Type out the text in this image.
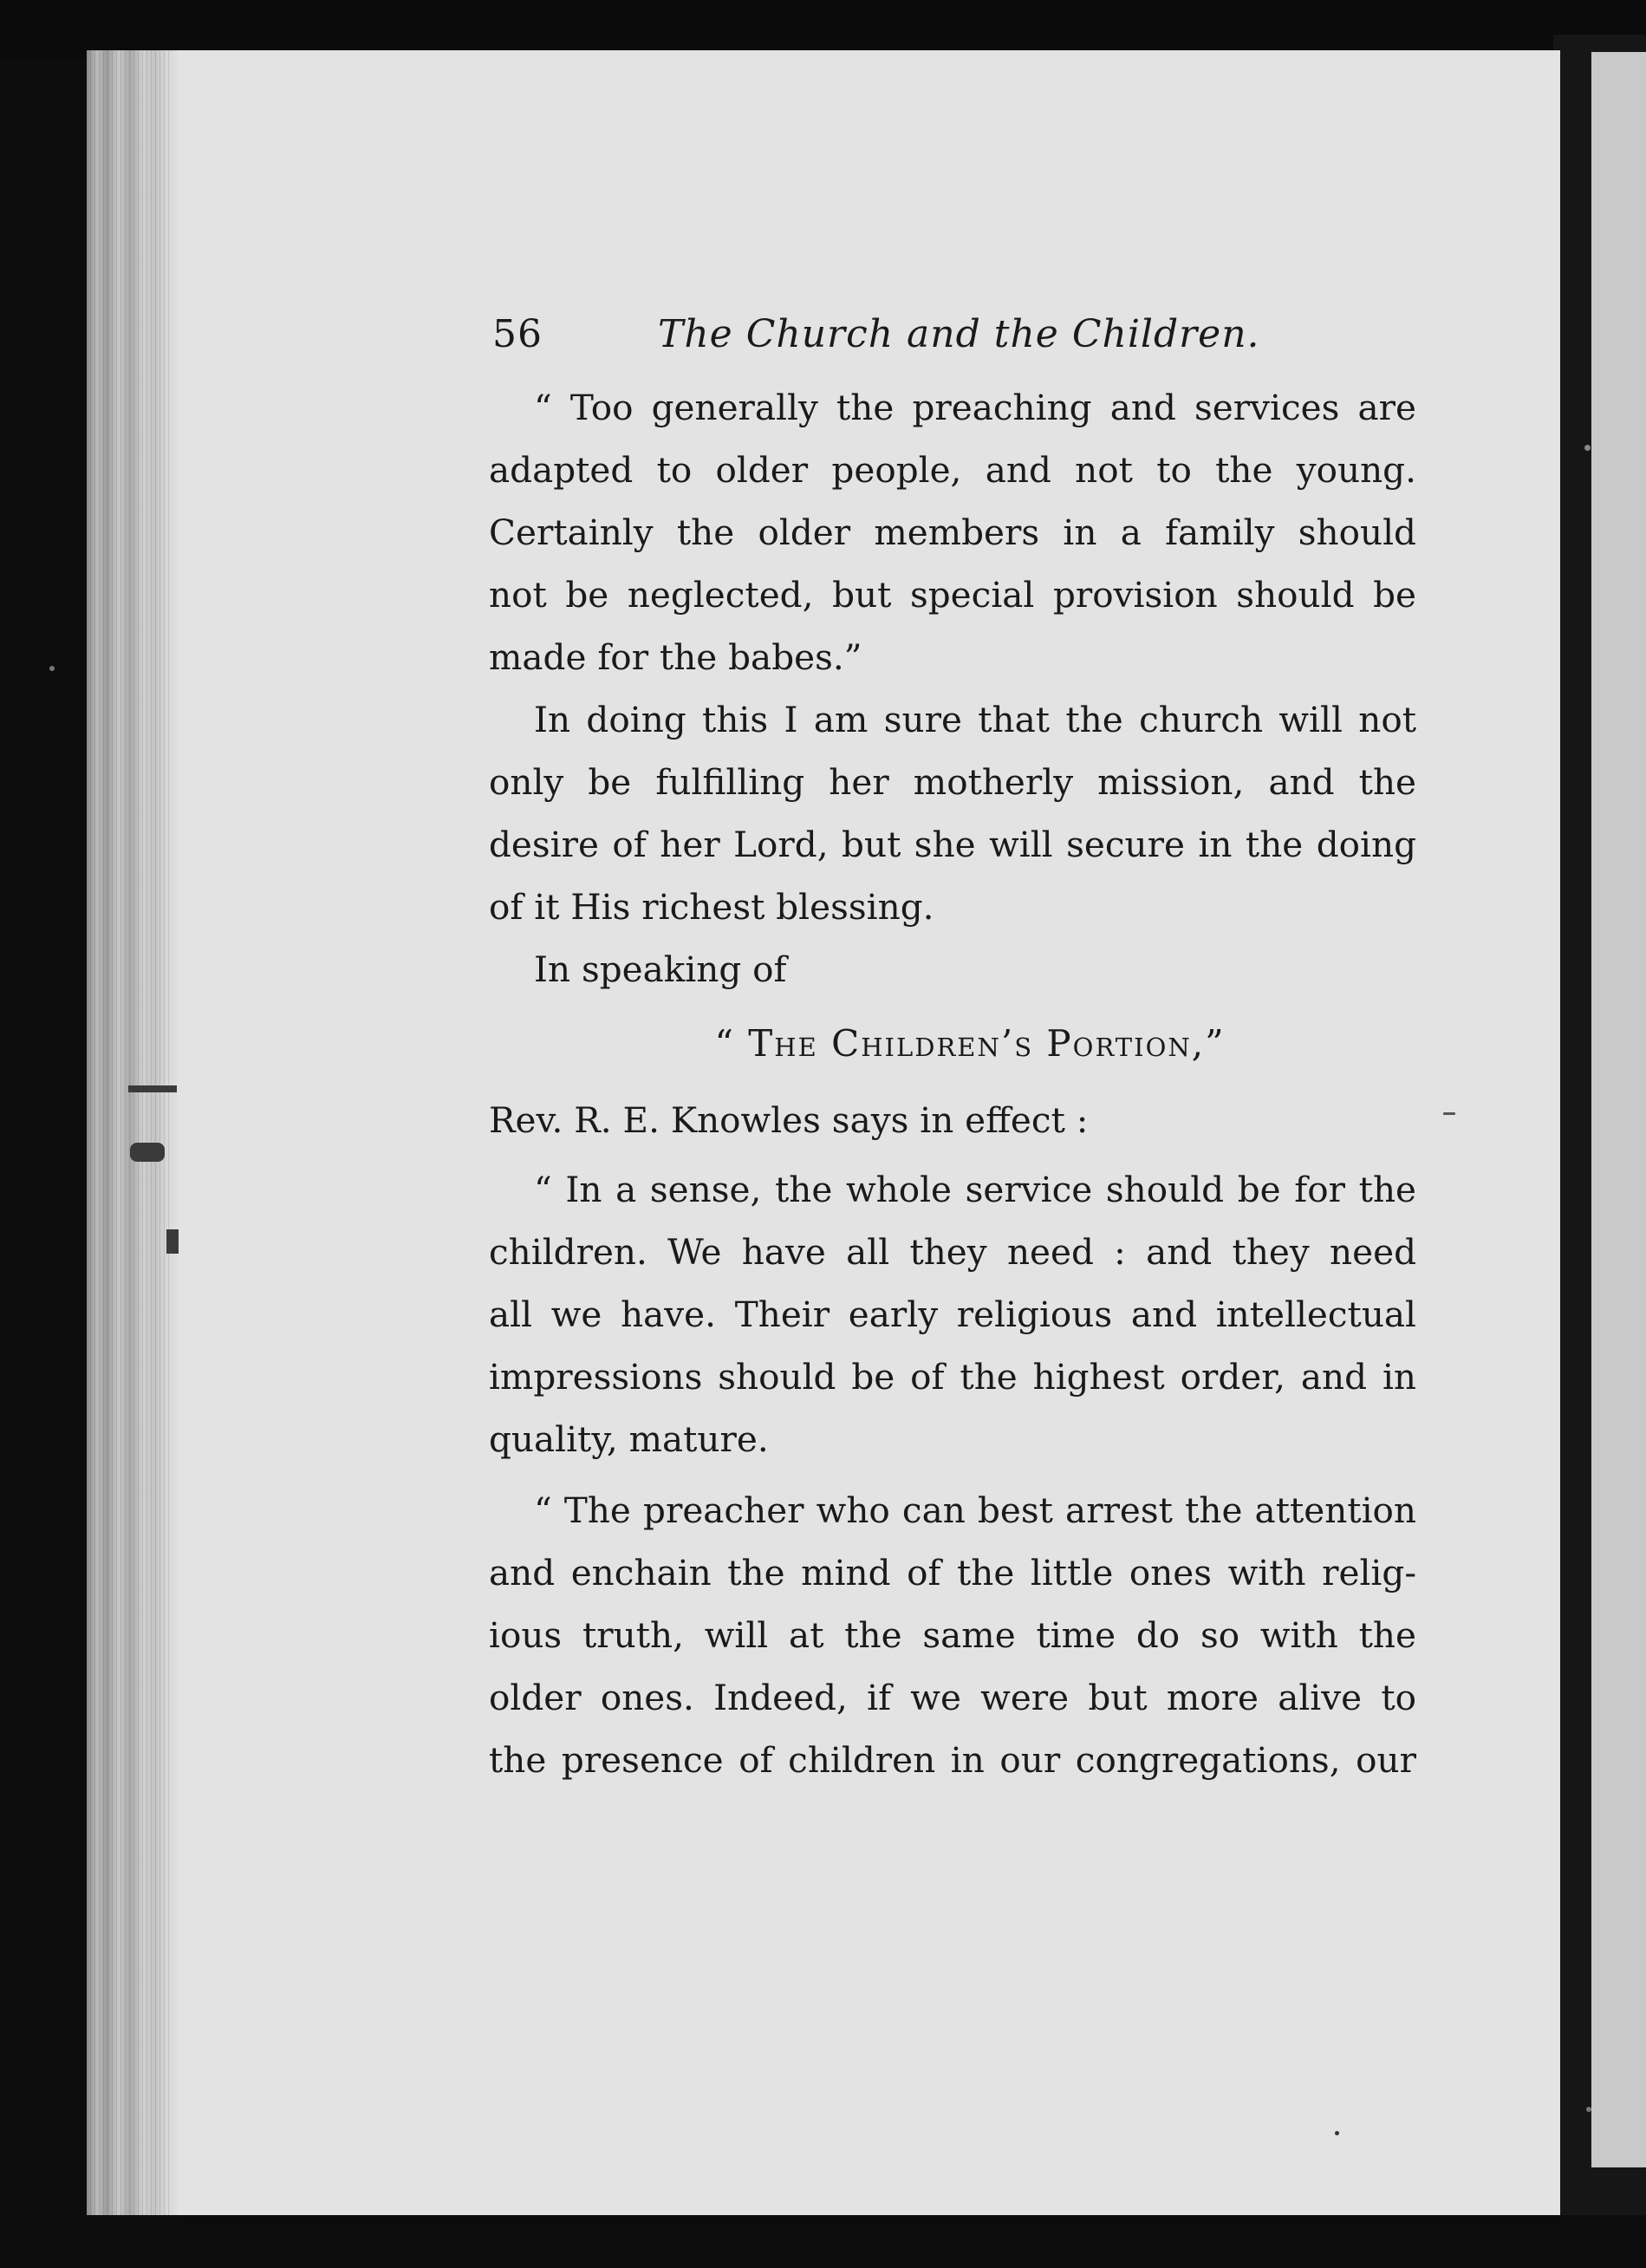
56	The Church and the Children.

“ Too generally the preaching and services are

adapted to older people, and not to the young.

Certainly the older members in a family should

not be neglected, but special provision should be

made for the babes.”

In doing this I am sure that the church will not

only be fulfilling her motherly mission, and the

desire of her Lord, but she will secure in the doing

of it His richest blessing.

In speaking of

“ The Children’s Portion,”

Rev. R. E. Knowles says in effect :

“ In a sense, the whole service should be for the

children. We have all they need : and they need

all we have. Their early religious and intellectual

impressions should be of the highest order, and in

quality, mature.

“ The preacher who can best arrest the attention

and enchain the mind of the little ones with relig-

ious truth, will at the same time do so with the

older ones. Indeed, if we were but more alive to

the presence of children in our congregations, our
